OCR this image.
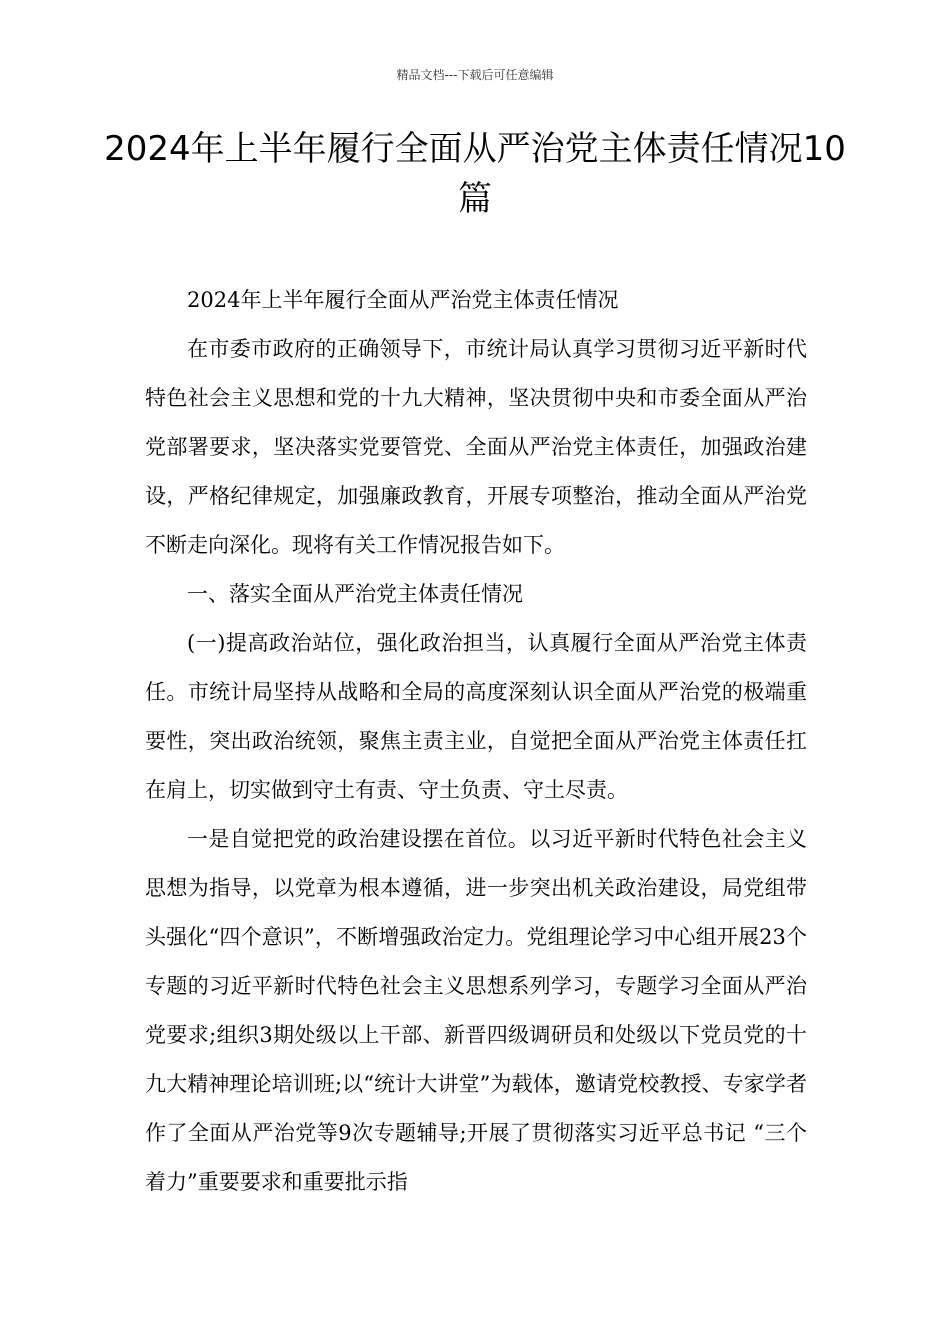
精品文档---下载后可任意编辑
2024年上半年履行全面从严治党主体责任情况10篇

2024年上半年履行全面从严治党主体责任情况

在市委市政府的正确领导下，市统计局认真学习贯彻习近平新时代特色社会主义思想和党的十九大精神，坚决贯彻中央和市委全面从严治党部署要求，坚决落实党要管党、全面从严治党主体责任，加强政治建设，严格纪律规定，加强廉政教育，开展专项整治，推动全面从严治党不断走向深化。现将有关工作情况报告如下。

一、落实全面从严治党主体责任情况

(一)提高政治站位，强化政治担当，认真履行全面从严治党主体责任。市统计局坚持从战略和全局的高度深刻认识全面从严治党的极端重要性，突出政治统领，聚焦主责主业，自觉把全面从严治党主体责任扛在肩上，切实做到守土有责、守土负责、守土尽责。

一是自觉把党的政治建设摆在首位。以习近平新时代特色社会主义思想为指导，以党章为根本遵循，进一步突出机关政治建设，局党组带头强化“四个意识”，不断增强政治定力。党组理论学习中心组开展23个专题的习近平新时代特色社会主义思想系列学习，专题学习全面从严治党要求;组织3期处级以上干部、新晋四级调研员和处级以下党员党的十九大精神理论培训班;以“统计大讲堂”为载体，邀请党校教授、专家学者作了全面从严治党等9次专题辅导;开展了贯彻落实习近平总书记 “三个着力”重要要求和重要批示指
